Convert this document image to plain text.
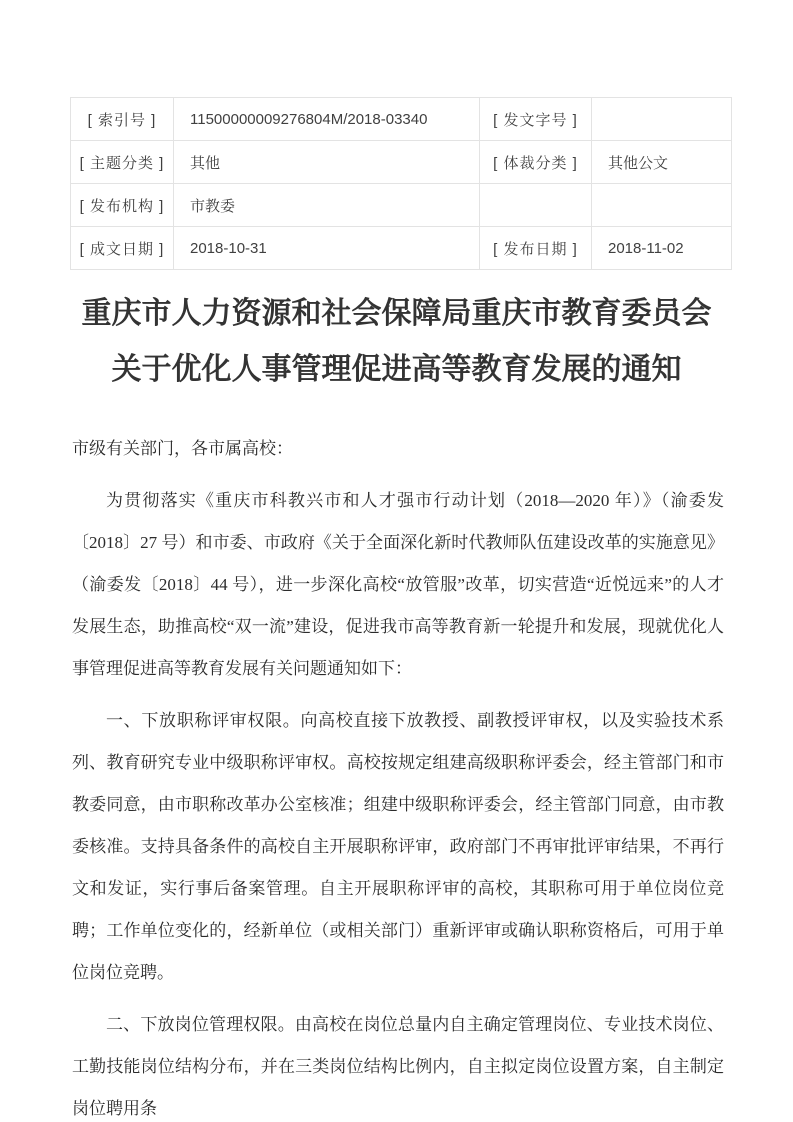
[ 索引号 ]	11500000009276804M/2018-03340	[ 发文字号 ]	
[ 主题分类 ]	其他	[ 体裁分类 ]	其他公文
[ 发布机构 ]	市教委		
[ 成文日期 ]	2018-10-31	[ 发布日期 ]	2018-11-02
重庆市人力资源和社会保障局重庆市教育委员会
关于优化人事管理促进高等教育发展的通知

市级有关部门，各市属高校：

为贯彻落实《重庆市科教兴市和人才强市行动计划（2018—2020 年）》（渝委发〔2018〕27 号）和市委、市政府《关于全面深化新时代教师队伍建设改革的实施意见》（渝委发〔2018〕44 号），进一步深化高校“放管服”改革，切实营造“近悦远来”的人才发展生态，助推高校“双一流”建设，促进我市高等教育新一轮提升和发展，现就优化人事管理促进高等教育发展有关问题通知如下：

一、下放职称评审权限。向高校直接下放教授、副教授评审权，以及实验技术系列、教育研究专业中级职称评审权。高校按规定组建高级职称评委会，经主管部门和市教委同意，由市职称改革办公室核准；组建中级职称评委会，经主管部门同意，由市教委核准。支持具备条件的高校自主开展职称评审，政府部门不再审批评审结果，不再行文和发证，实行事后备案管理。自主开展职称评审的高校，其职称可用于单位岗位竞聘；工作单位变化的，经新单位（或相关部门）重新评审或确认职称资格后，可用于单位岗位竞聘。

二、下放岗位管理权限。由高校在岗位总量内自主确定管理岗位、专业技术岗位、工勤技能岗位结构分布，并在三类岗位结构比例内，自主拟定岗位设置方案，自主制定岗位聘用条
